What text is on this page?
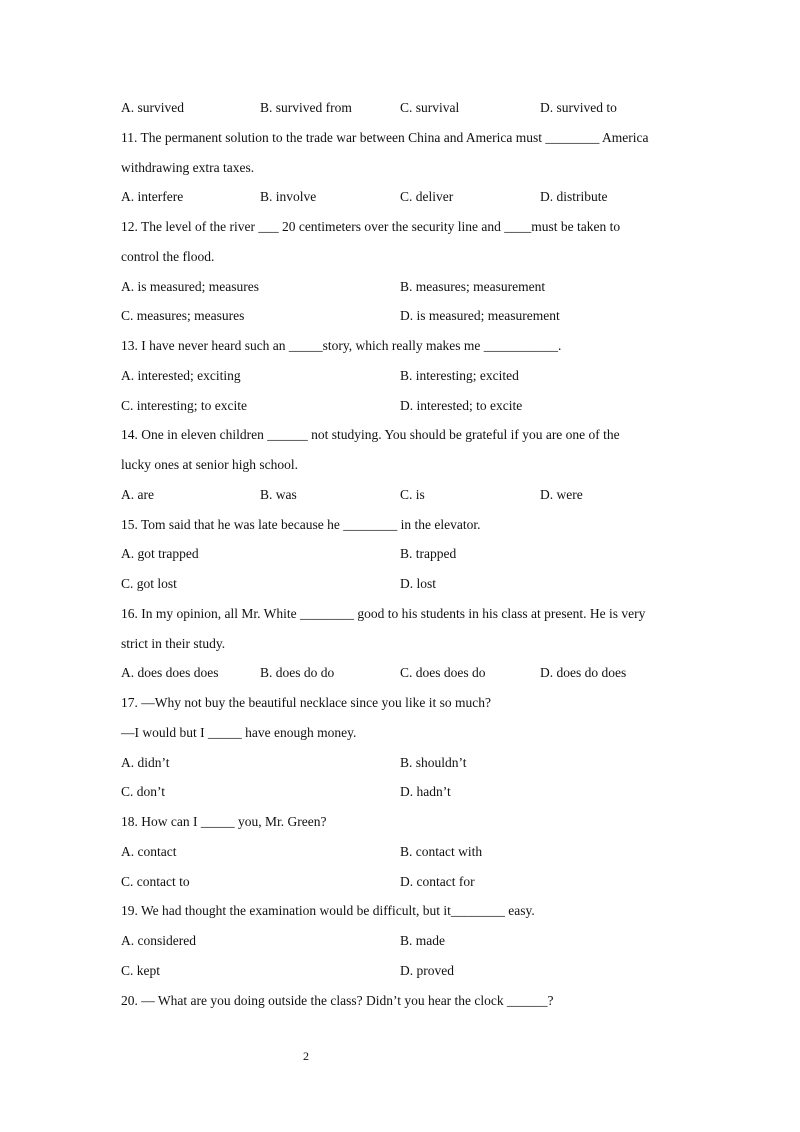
A. survived	B. survived from	C. survival	D. survived to
11. The permanent solution to the trade war between China and America must ________ America
withdrawing extra taxes.
A. interfere	B. involve	C. deliver	D. distribute
12. The level of the river ___ 20 centimeters over the security line and ____must be taken to
control the flood.
A. is measured; measures	B. measures; measurement
C. measures; measures	D. is measured; measurement
13. I have never heard such an _____story, which really makes me ___________.
A. interested; exciting	B. interesting; excited
C. interesting; to excite	D. interested; to excite
14. One in eleven children ______ not studying. You should be grateful if you are one of the
lucky ones at senior high school.
A. are	B. was	C. is	D. were
15. Tom said that he was late because he ________ in the elevator.
A. got trapped	B. trapped
C. got lost	D. lost
16. In my opinion, all Mr. White ________ good to his students in his class at present. He is very
strict in their study.
A. does does does	B. does do do	C. does does do	D. does do does
17. —Why not buy the beautiful necklace since you like it so much?
—I would but I _____ have enough money.
A. didn’t	B. shouldn’t
C. don’t	D. hadn’t
18. How can I _____ you, Mr. Green?
A. contact	B. contact with
C. contact to	D. contact for
19. We had thought the examination would be difficult, but it________ easy.
A. considered	B. made
C. kept	D. proved
20. — What are you doing outside the class? Didn’t you hear the clock ______?
2
